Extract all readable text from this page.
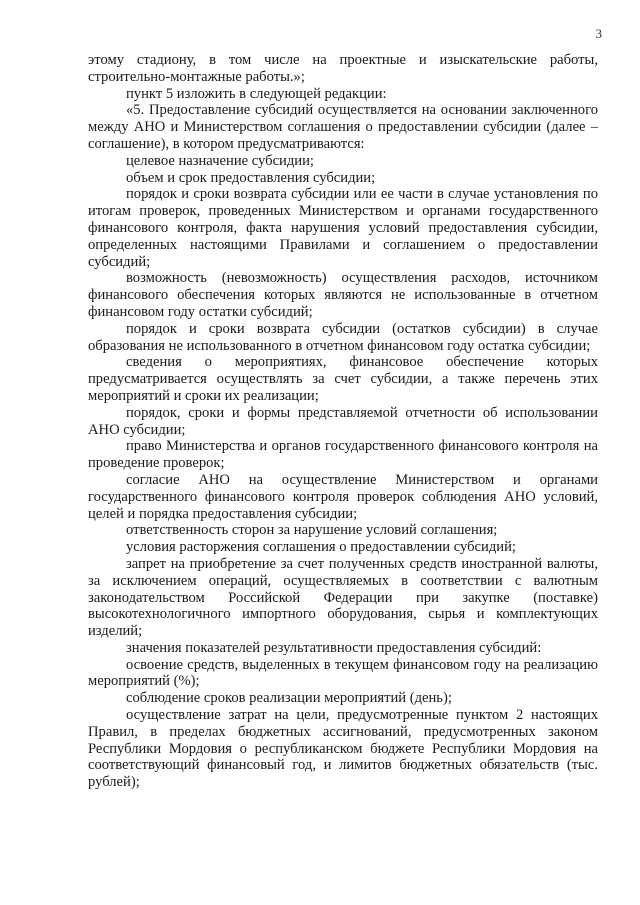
3

этому стадиону, в том числе на проектные и изыскательские работы, строительно-монтажные работы.»;

пункт 5 изложить в следующей редакции:

«5. Предоставление субсидий осуществляется на основании заключенного между АНО и Министерством соглашения о предоставлении субсидии (далее – соглашение), в котором предусматриваются:

целевое назначение субсидии;

объем и срок предоставления субсидии;

порядок и сроки возврата субсидии или ее части в случае установления по итогам проверок, проведенных Министерством и органами государственного финансового контроля, факта нарушения условий предоставления субсидии, определенных настоящими Правилами и соглашением о предоставлении субсидий;

возможность (невозможность) осуществления расходов, источником финансового обеспечения которых являются не использованные в отчетном финансовом году остатки субсидий;

порядок и сроки возврата субсидии (остатков субсидии) в случае образования не использованного в отчетном финансовом году остатка субсидии;

сведения о мероприятиях, финансовое обеспечение которых предусматривается осуществлять за счет субсидии, а также перечень этих мероприятий и сроки их реализации;

порядок, сроки и формы представляемой отчетности об использовании АНО субсидии;

право Министерства и органов государственного финансового контроля на проведение проверок;

согласие АНО на осуществление Министерством и органами государственного финансового контроля проверок соблюдения АНО условий, целей и порядка предоставления субсидии;

ответственность сторон за нарушение условий соглашения;

условия расторжения соглашения о предоставлении субсидий;

запрет на приобретение за счет полученных средств иностранной валюты, за исключением операций, осуществляемых в соответствии с валютным законодательством Российской Федерации при закупке (поставке) высокотехнологичного импортного оборудования, сырья и комплектующих изделий;

значения показателей результативности предоставления субсидий:

освоение средств, выделенных в текущем финансовом году на реализацию мероприятий (%);

соблюдение сроков реализации мероприятий (день);

осуществление затрат на цели, предусмотренные пунктом 2 настоящих Правил, в пределах бюджетных ассигнований, предусмотренных законом Республики Мордовия о республиканском бюджете Республики Мордовия на соответствующий финансовый год, и лимитов бюджетных обязательств (тыс. рублей);
